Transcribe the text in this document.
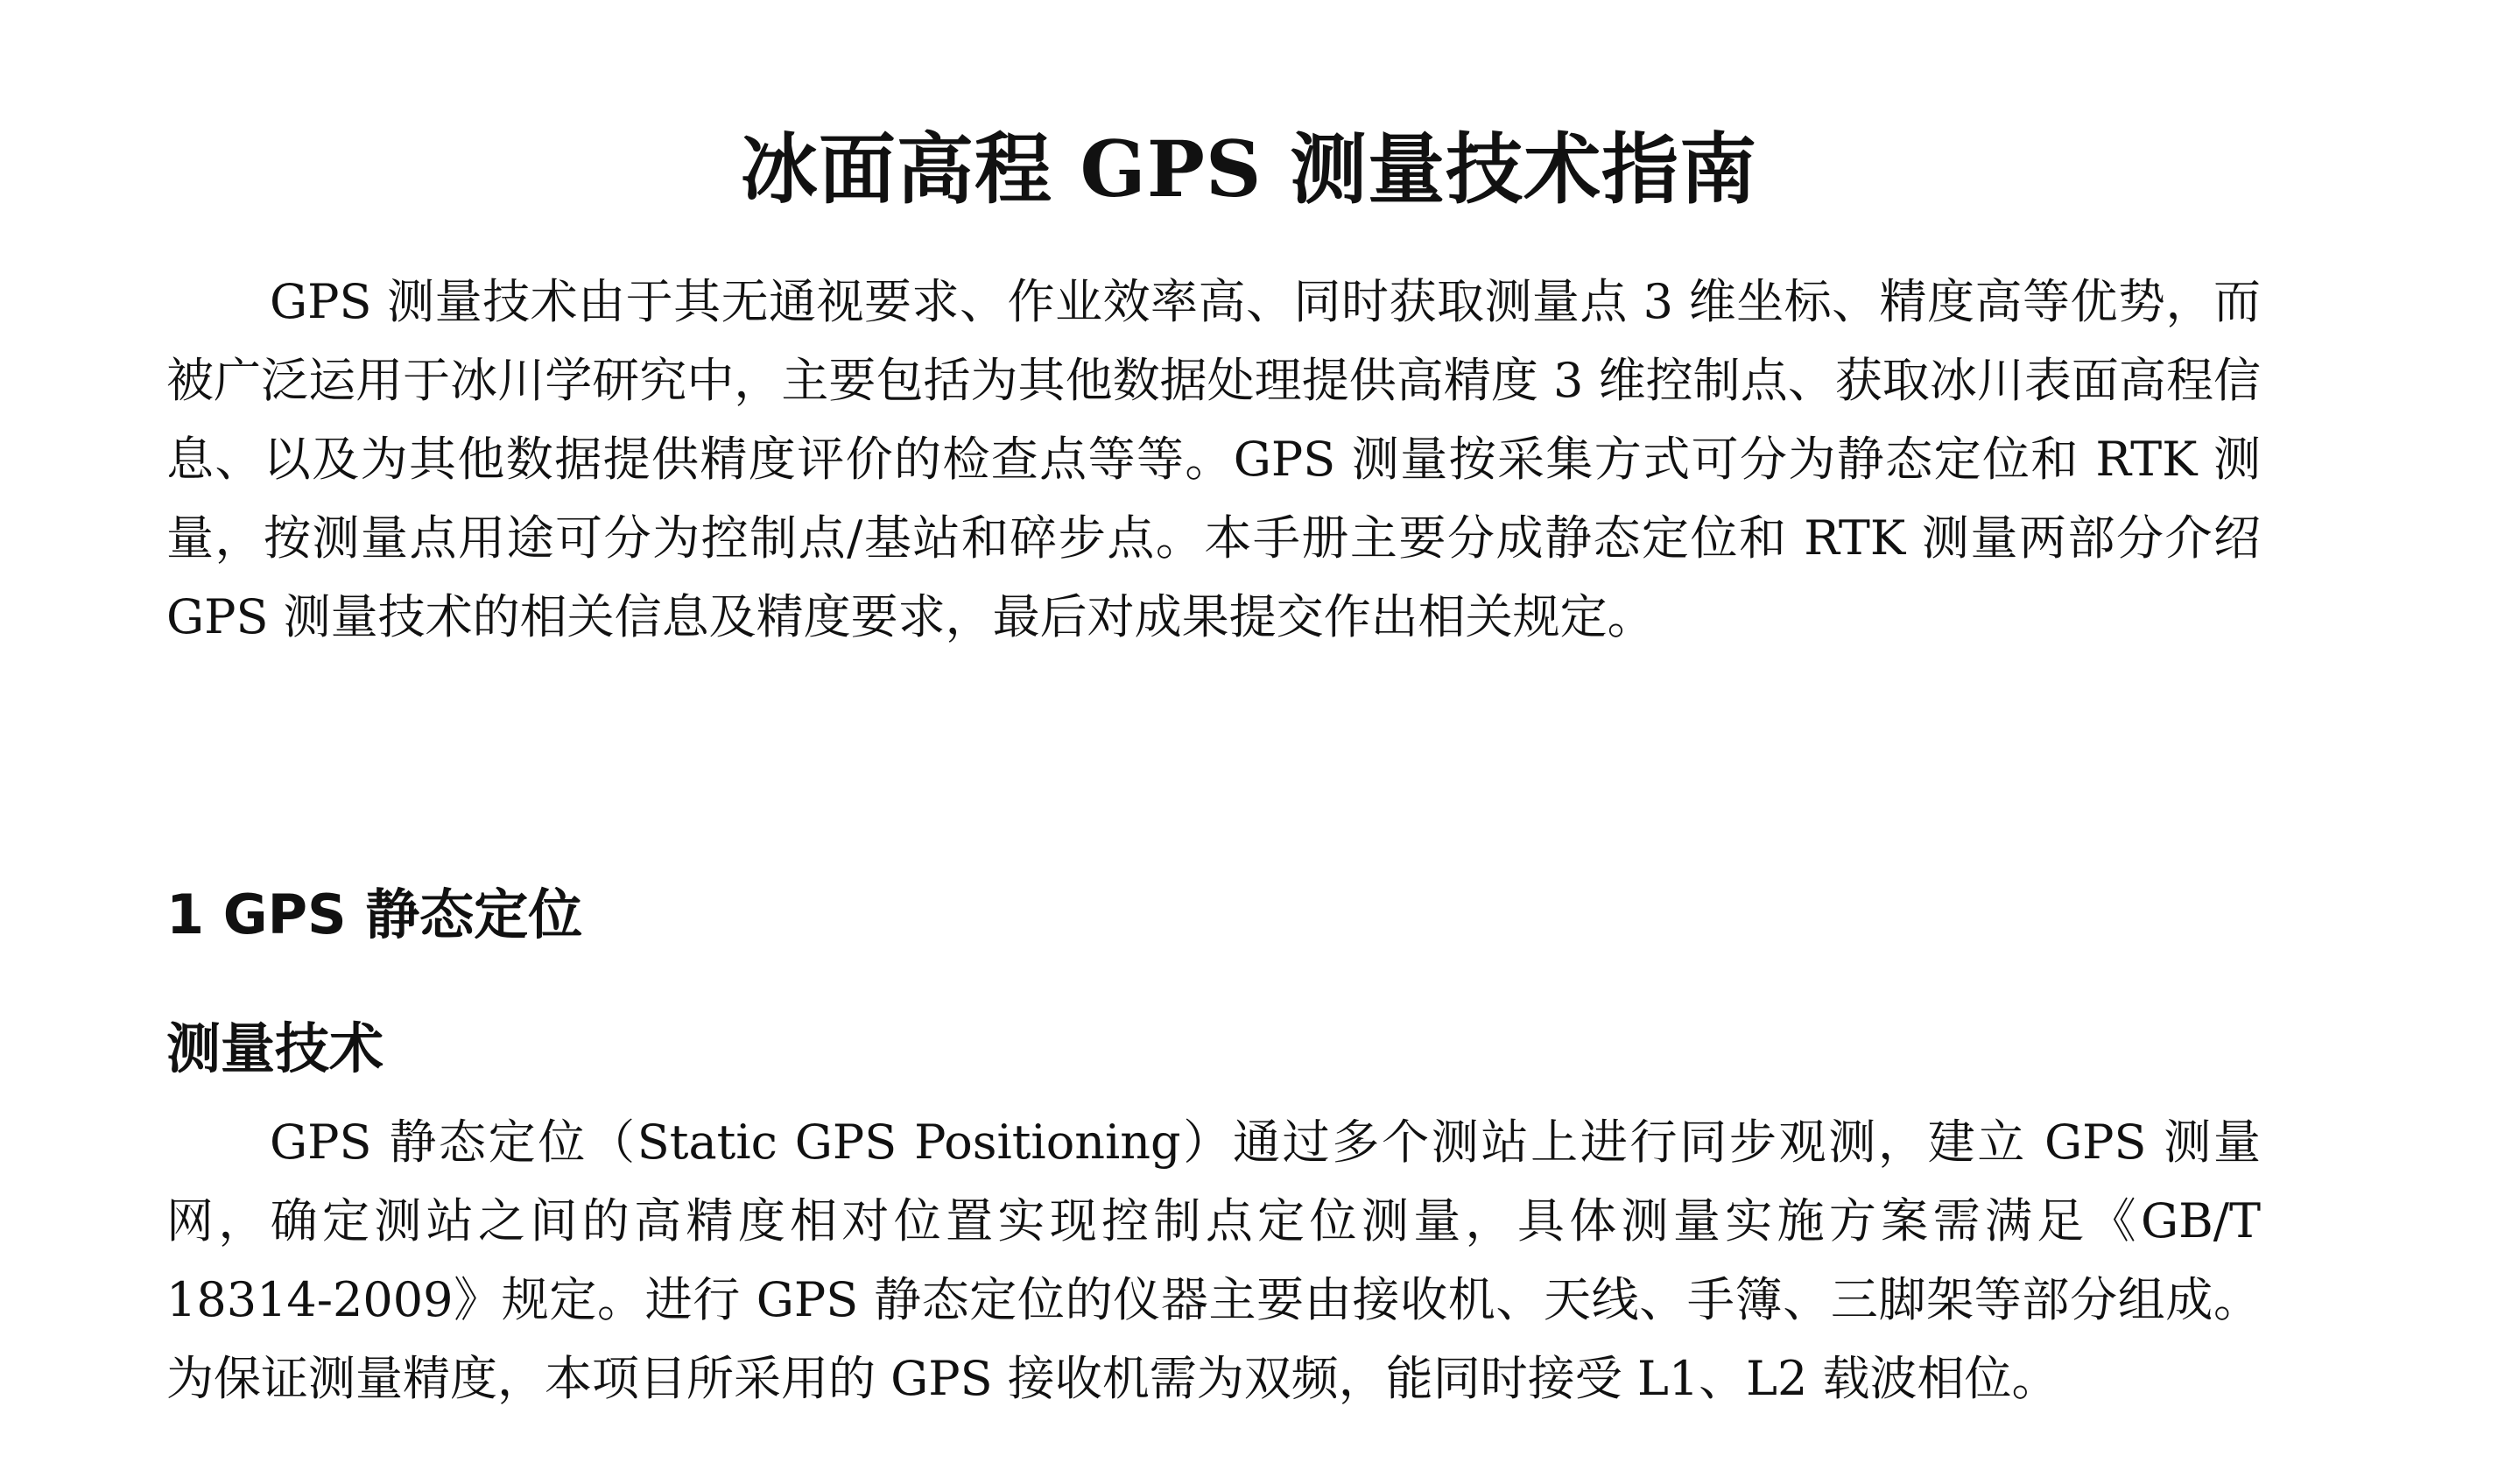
冰面高程 GPS 测量技术指南

GPS 测量技术由于其无通视要求、作业效率高、同时获取测量点 3 维坐标、精度高等优势，而被广泛运用于冰川学研究中，主要包括为其他数据处理提供高精度 3 维控制点、获取冰川表面高程信息、以及为其他数据提供精度评价的检查点等等。GPS 测量按采集方式可分为静态定位和 RTK 测量，按测量点用途可分为控制点/基站和碎步点。本手册主要分成静态定位和 RTK 测量两部分介绍 GPS 测量技术的相关信息及精度要求，最后对成果提交作出相关规定。

1 GPS 静态定位
测量技术

GPS 静态定位（Static GPS Positioning）通过多个测站上进行同步观测，建立 GPS 测量网，确定测站之间的高精度相对位置实现控制点定位测量，具体测量实施方案需满足《GB/T 18314-2009》规定。进行 GPS 静态定位的仪器主要由接收机、天线、手簿、三脚架等部分组成。为保证测量精度，本项目所采用的 GPS 接收机需为双频，能同时接受 L1、L2 载波相位。
